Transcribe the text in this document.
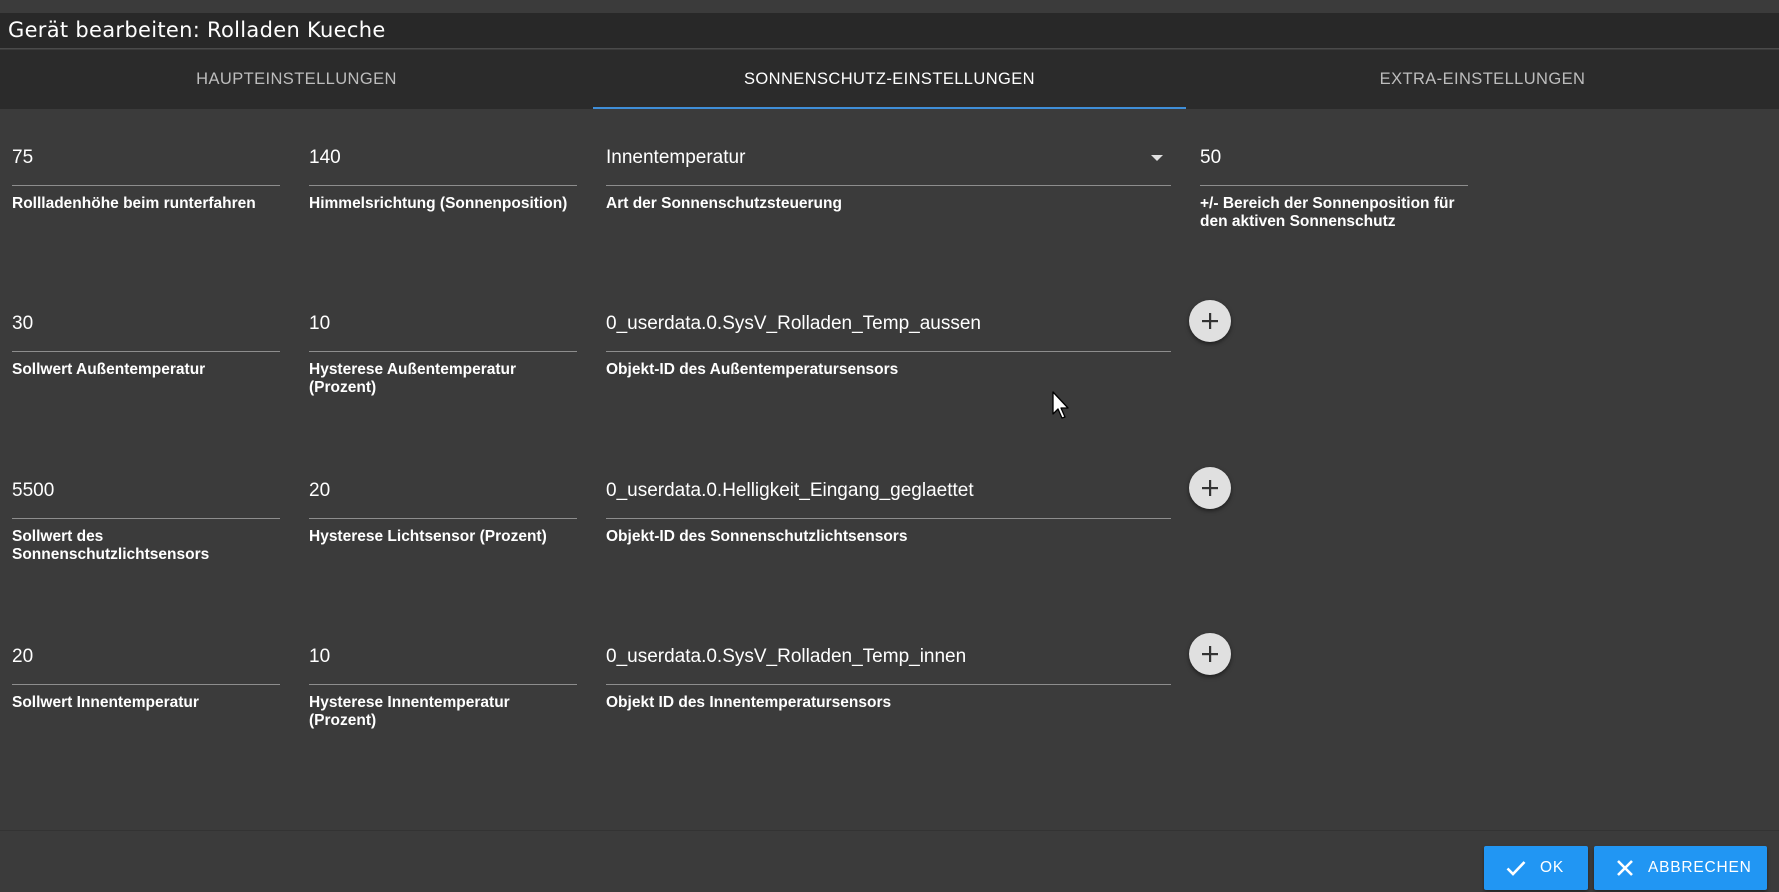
Gerät bearbeiten: Rolladen Kueche
HAUPTEINSTELLUNGEN	SONNENSCHUTZ-EINSTELLUNGEN	EXTRA-EINSTELLUNGEN
75
Rollladenhöhe beim runterfahren
140
Himmelsrichtung (Sonnenposition)
Innentemperatur
Art der Sonnenschutzsteuerung
50
+/- Bereich der Sonnenposition für den aktiven Sonnenschutz
30
Sollwert Außentemperatur
10
Hysterese Außentemperatur (Prozent)
0_userdata.0.SysV_Rolladen_Temp_aussen
Objekt-ID des Außentemperatursensors
5500
Sollwert des Sonnenschutzlichtsensors
20
Hysterese Lichtsensor (Prozent)
0_userdata.0.Helligkeit_Eingang_geglaettet
Objekt-ID des Sonnenschutzlichtsensors
20
Sollwert Innentemperatur
10
Hysterese Innentemperatur (Prozent)
0_userdata.0.SysV_Rolladen_Temp_innen
Objekt ID des Innentemperatursensors
OK	ABBRECHEN
